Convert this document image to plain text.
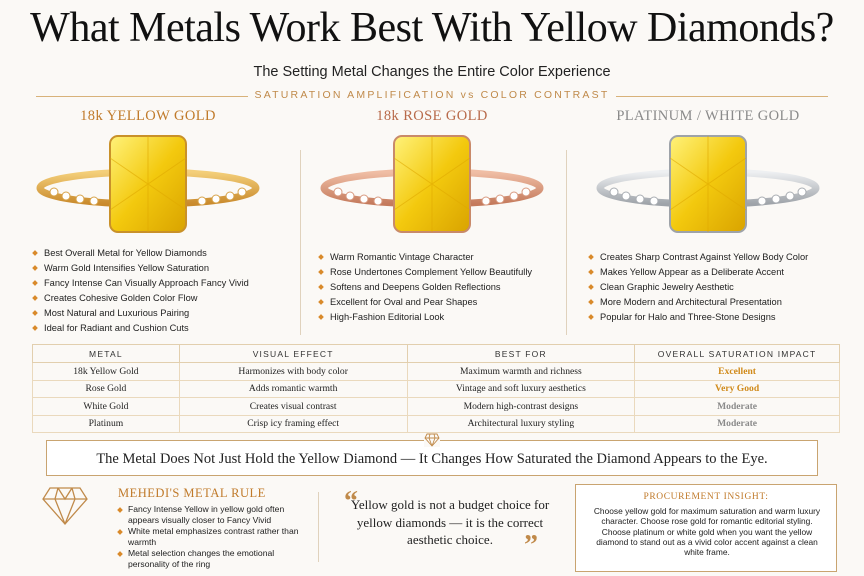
What Metals Work Best With Yellow Diamonds?
The Setting Metal Changes the Entire Color Experience
SATURATION AMPLIFICATION vs COLOR CONTRAST
18k YELLOW GOLD
Best Overall Metal for Yellow Diamonds
Warm Gold Intensifies Yellow Saturation
Fancy Intense Can Visually Approach Fancy Vivid
Creates Cohesive Golden Color Flow
Most Natural and Luxurious Pairing
Ideal for Radiant and Cushion Cuts
18k ROSE GOLD
Warm Romantic Vintage Character
Rose Undertones Complement Yellow Beautifully
Softens and Deepens Golden Reflections
Excellent for Oval and Pear Shapes
High-Fashion Editorial Look
PLATINUM / WHITE GOLD
Creates Sharp Contrast Against Yellow Body Color
Makes Yellow Appear as a Deliberate Accent
Clean Graphic Jewelry Aesthetic
More Modern and Architectural Presentation
Popular for Halo and Three-Stone Designs
METAL	VISUAL EFFECT	BEST FOR	OVERALL SATURATION IMPACT
18k Yellow Gold	Harmonizes with body color	Maximum warmth and richness	Excellent
Rose Gold	Adds romantic warmth	Vintage and soft luxury aesthetics	Very Good
White Gold	Creates visual contrast	Modern high-contrast designs	Moderate
Platinum	Crisp icy framing effect	Architectural luxury styling	Moderate
The Metal Does Not Just Hold the Yellow Diamond — It Changes How Saturated the Diamond Appears to the Eye.
MEHEDI'S METAL RULE
Fancy Intense Yellow in yellow gold often appears visually closer to Fancy Vivid
White metal emphasizes contrast rather than warmth
Metal selection changes the emotional personality of the ring
“
Yellow gold is not a budget choice for yellow diamonds — it is the correct aesthetic choice.	”
PROCUREMENT INSIGHT:
Choose yellow gold for maximum saturation and warm luxury character. Choose rose gold for romantic editorial styling. Choose platinum or white gold when you want the yellow diamond to stand out as a vivid color accent against a clean white frame.
